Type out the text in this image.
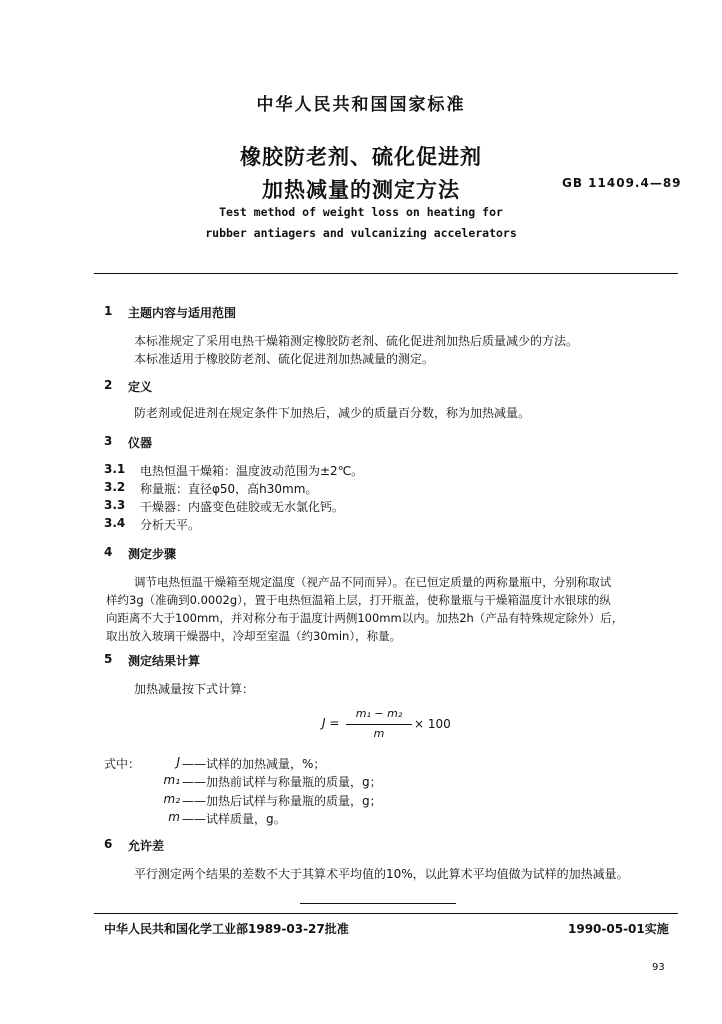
中华人民共和国国家标准
橡胶防老剂、硫化促进剂
加热减量的测定方法	GB 11409.4—89
Test method of weight loss on heating for
rubber antiagers and vulcanizing accelerators
1 主题内容与适用范围
本标准规定了采用电热干燥箱测定橡胶防老剂、硫化促进剂加热后质量减少的方法。
本标准适用于橡胶防老剂、硫化促进剂加热减量的测定。
2 定义
防老剂或促进剂在规定条件下加热后，减少的质量百分数，称为加热减量。
3 仪器
3.1 电热恒温干燥箱：温度波动范围为±2℃。
3.2 称量瓶：直径φ50，高h30mm。
3.3 干燥器：内盛变色硅胶或无水氯化钙。
3.4 分析天平。
4 测定步骤
调节电热恒温干燥箱至规定温度（视产品不同而异）。在已恒定质量的两称量瓶中，分别称取试
样约3g（准确到0.0002g），置于电热恒温箱上层，打开瓶盖，使称量瓶与干燥箱温度计水银球的纵
向距离不大于100mm，并对称分布于温度计两侧100mm以内。加热2h（产品有特殊规定除外）后，
取出放入玻璃干燥器中，冷却至室温（约30min），称量。
5 测定结果计算
加热减量按下式计算：
J =
m₁ − m₂
m
× 100
式中：	J ——试样的加热减量，%；
m₁ ——加热前试样与称量瓶的质量，g；
m₂ ——加热后试样与称量瓶的质量，g；
m ——试样质量，g。
6 允许差
平行测定两个结果的差数不大于其算术平均值的10%，以此算术平均值做为试样的加热减量。
中华人民共和国化学工业部1989-03-27批准	1990-05-01实施
93
